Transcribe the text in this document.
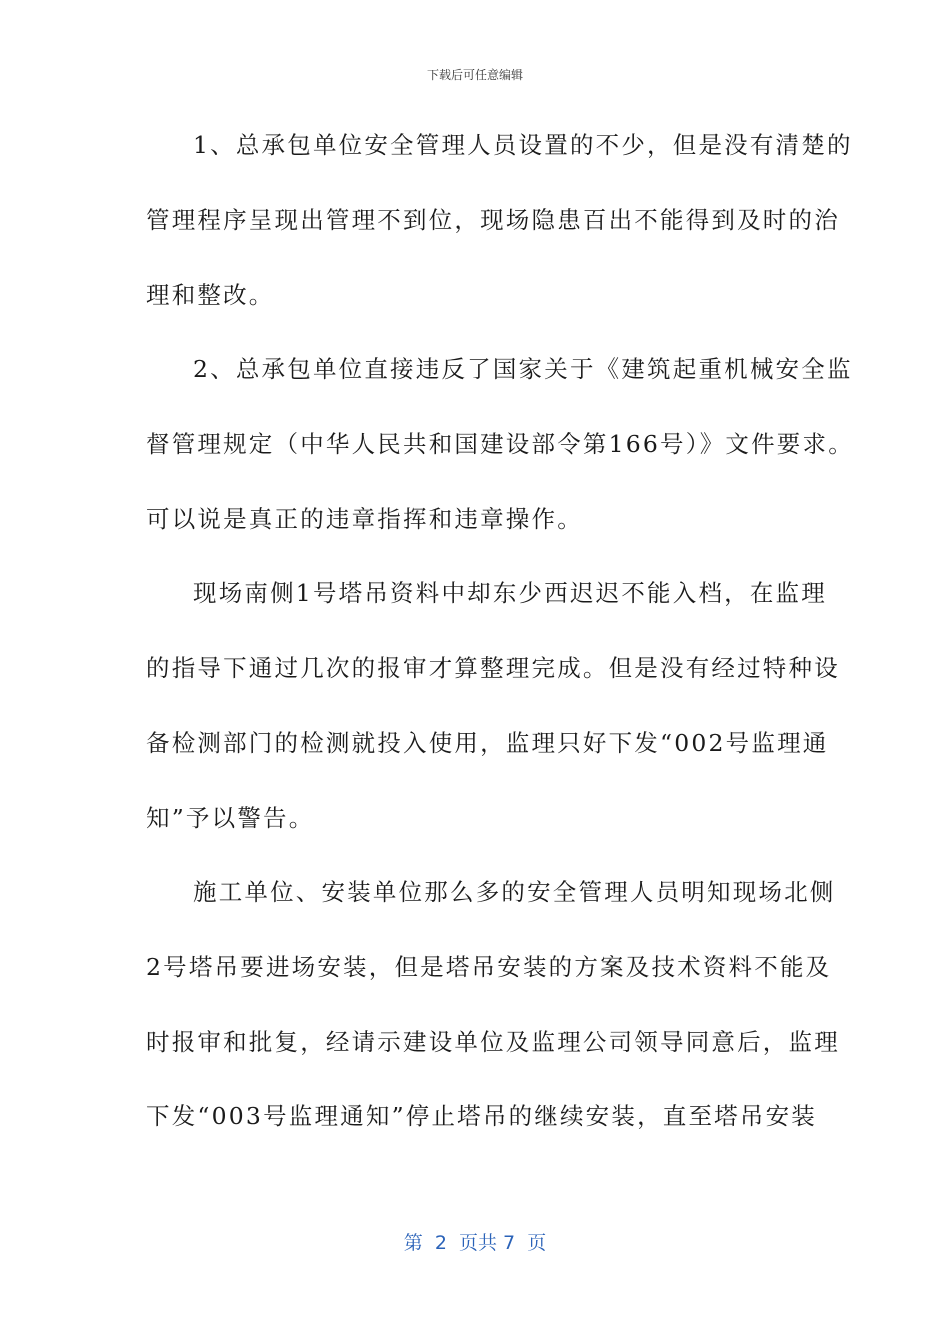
下载后可任意编辑
1、总承包单位安全管理人员设置的不少，但是没有清楚的
管理程序呈现出管理不到位，现场隐患百出不能得到及时的治
理和整改。
2、总承包单位直接违反了国家关于《建筑起重机械安全监
督管理规定（中华人民共和国建设部令第166号）》文件要求。
可以说是真正的违章指挥和违章操作。
现场南侧1号塔吊资料中却东少西迟迟不能入档，在监理
的指导下通过几次的报审才算整理完成。但是没有经过特种设
备检测部门的检测就投入使用，监理只好下发“002号监理通
知”予以警告。
施工单位、安装单位那么多的安全管理人员明知现场北侧
2号塔吊要进场安装，但是塔吊安装的方案及技术资料不能及
时报审和批复，经请示建设单位及监理公司领导同意后，监理
下发“003号监理通知”停止塔吊的继续安装，直至塔吊安装
第  2  页共 7  页
